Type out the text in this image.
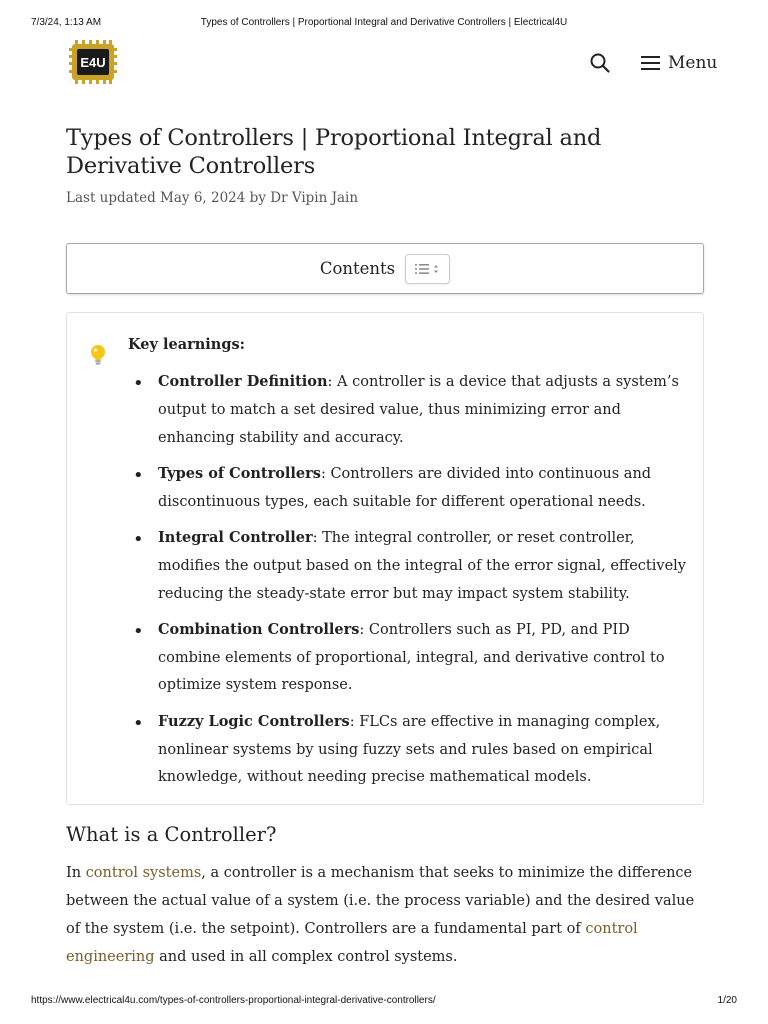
7/3/24, 1:13 AM	Types of Controllers | Proportional Integral and Derivative Controllers | Electrical4U
E4U	Menu
Types of Controllers | Proportional Integral and Derivative Controllers
Last updated May 6, 2024 by Dr Vipin Jain
Contents
Key learnings:
• Controller Definition: A controller is a device that adjusts a system’s output to match a set desired value, thus minimizing error and enhancing stability and accuracy.
• Types of Controllers: Controllers are divided into continuous and discontinuous types, each suitable for different operational needs.
• Integral Controller: The integral controller, or reset controller, modifies the output based on the integral of the error signal, effectively reducing the steady-state error but may impact system stability.
• Combination Controllers: Controllers such as PI, PD, and PID combine elements of proportional, integral, and derivative control to optimize system response.
• Fuzzy Logic Controllers: FLCs are effective in managing complex, nonlinear systems by using fuzzy sets and rules based on empirical knowledge, without needing precise mathematical models.
What is a Controller?

In control systems, a controller is a mechanism that seeks to minimize the difference between the actual value of a system (i.e. the process variable) and the desired value of the system (i.e. the setpoint). Controllers are a fundamental part of control engineering and used in all complex control systems.

https://www.electrical4u.com/types-of-controllers-proportional-integral-derivative-controllers/	1/20
